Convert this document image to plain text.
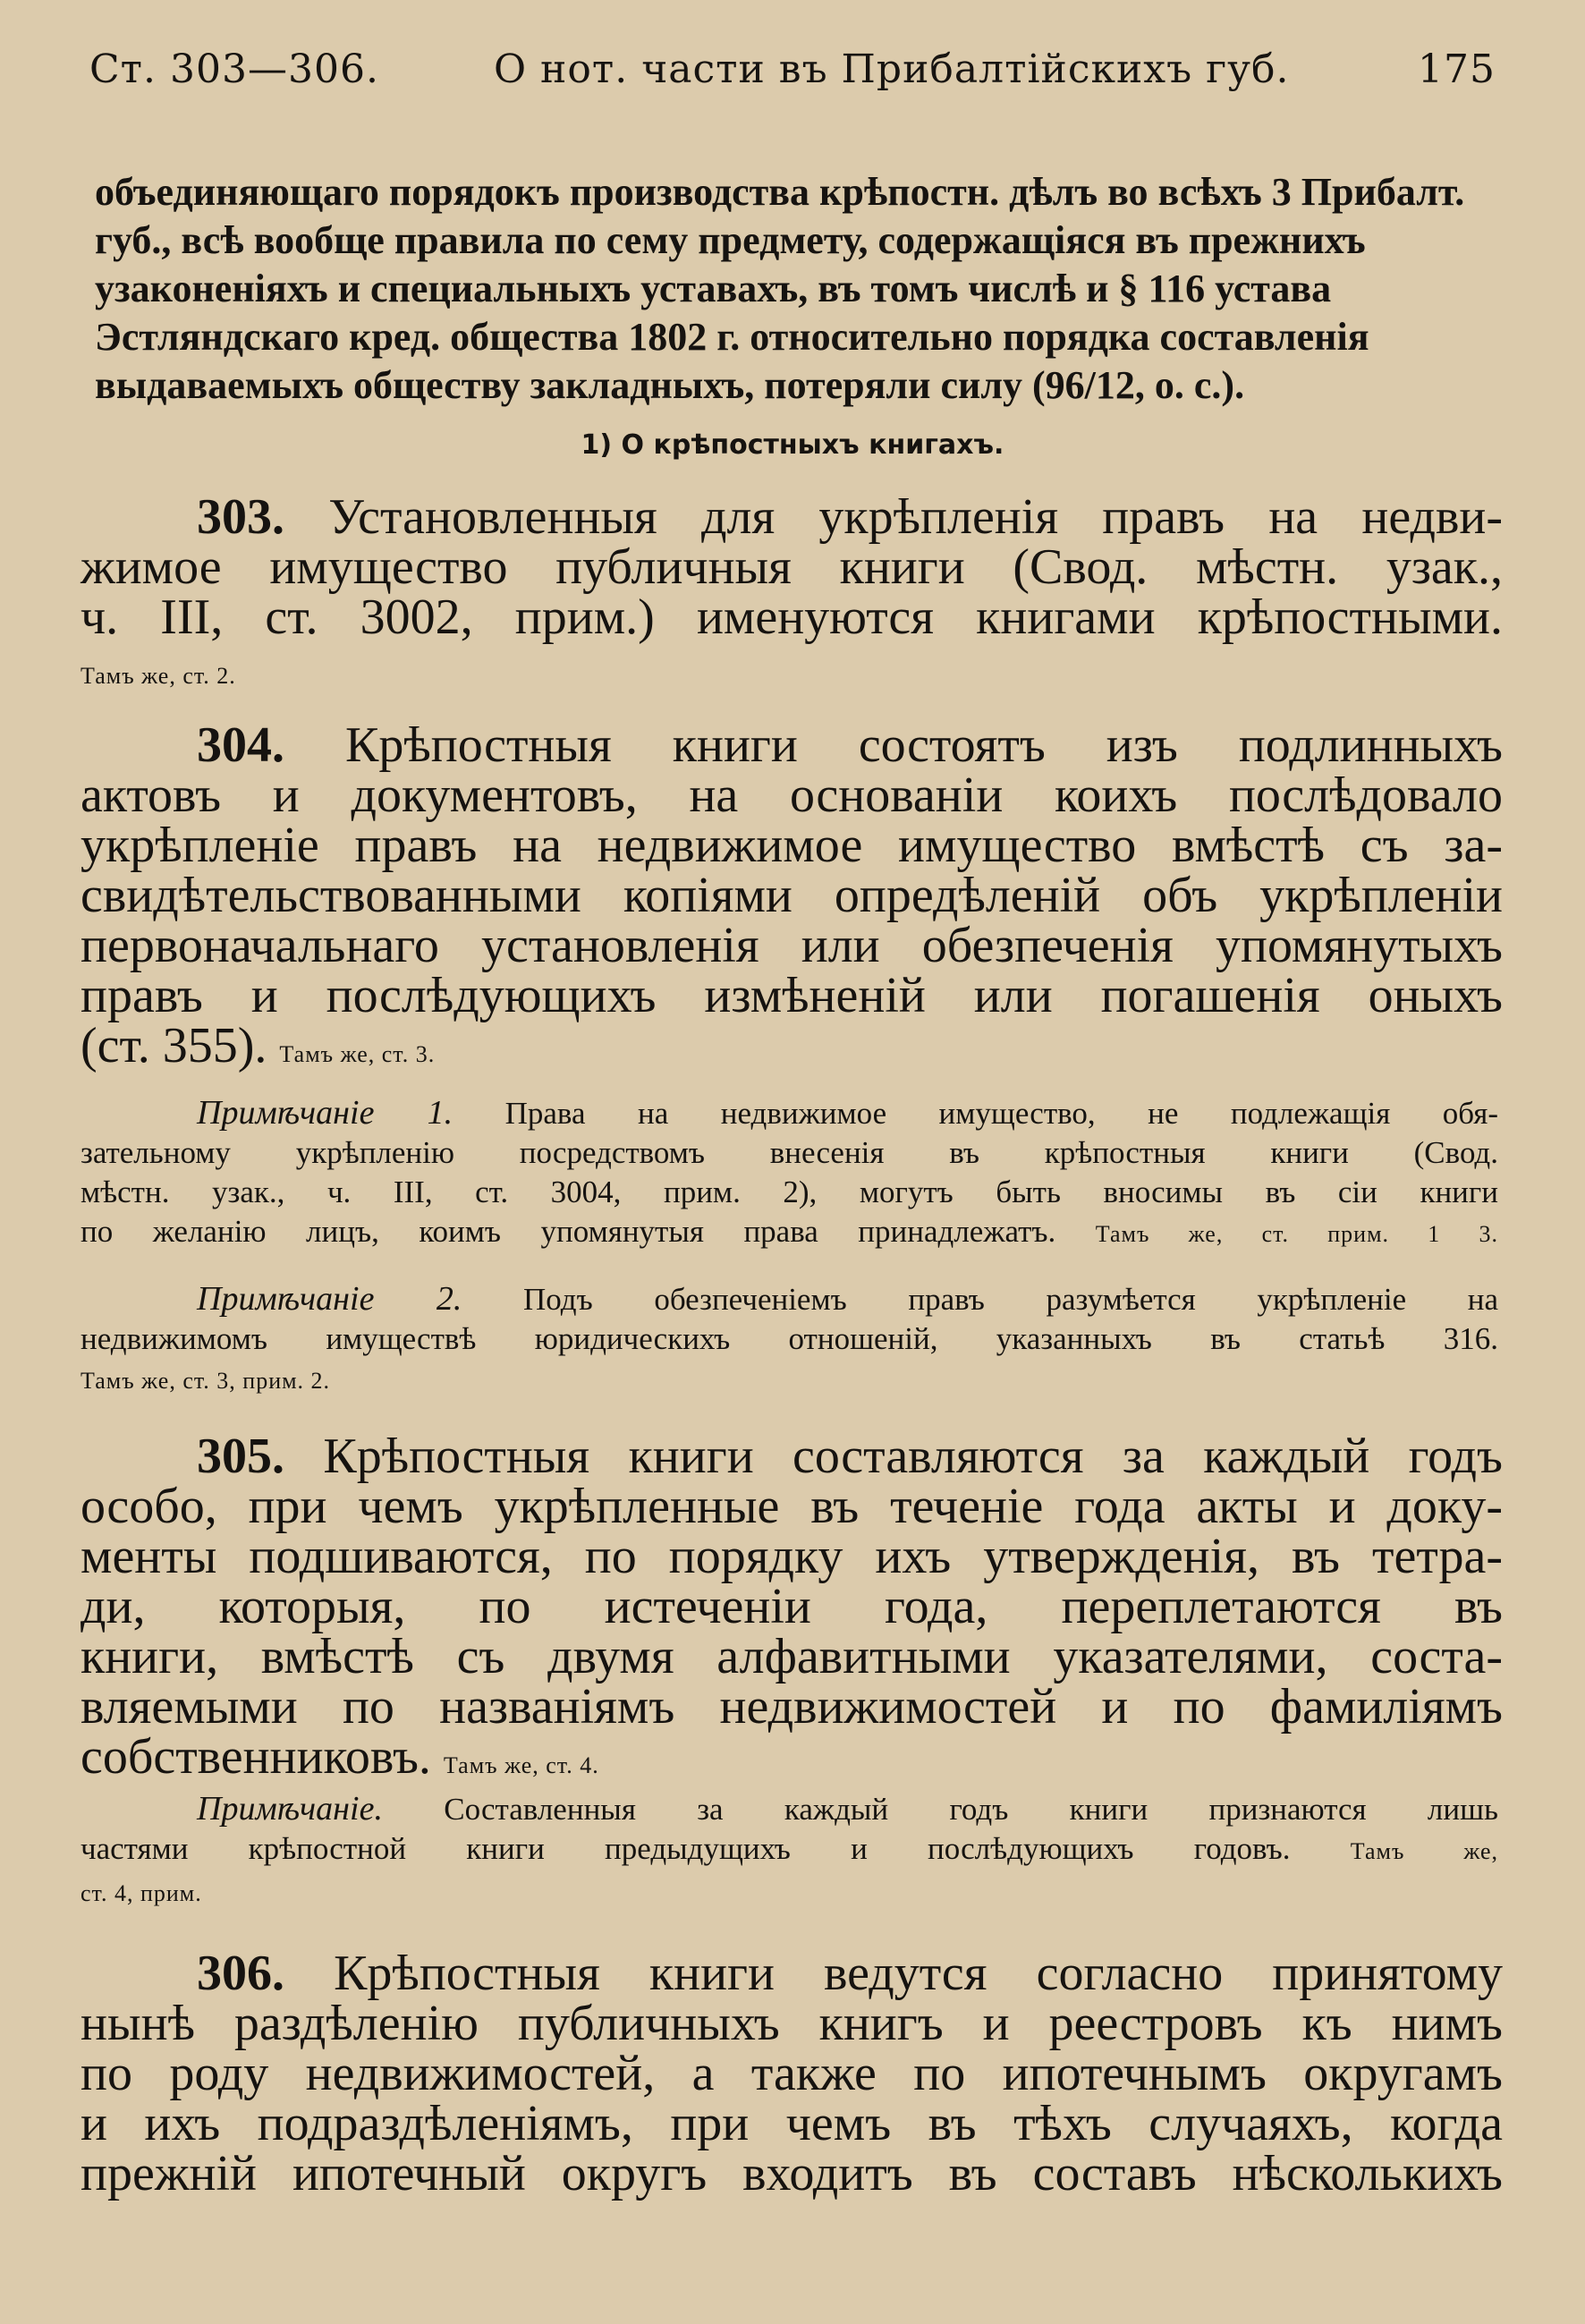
Ст. 303—306.	О нот. части въ Прибалтійскихъ губ.	175
объединяющаго порядокъ производства крѣпостн. дѣлъ во всѣхъ 3 Прибалт.
губ., всѣ вообще правила по сему предмету, содержащіяся въ прежнихъ
узаконеніяхъ и специальныхъ уставахъ, въ томъ числѣ и § 116 устава
Эстляндскаго кред. общества 1802 г. относительно порядка составленія
выдаваемыхъ обществу закладныхъ, потеряли силу (96/12, о. с.).
1) О крѣпостныхъ книгахъ.
303. Установленныя для укрѣпленія правъ на недви-
жимое имущество публичныя книги (Свод. мѣстн. узак.,
ч. III, ст. 3002, прим.) именуются книгами крѣпостными.
Тамъ же, ст. 2.
304. Крѣпостныя книги состоятъ изъ подлинныхъ
актовъ и документовъ, на основаніи коихъ послѣдовало
укрѣпленіе правъ на недвижимое имущество вмѣстѣ съ за-
свидѣтельствованными копіями опредѣленій объ укрѣпленіи
первоначальнаго установленія или обезпеченія упомянутыхъ
правъ и послѣдующихъ измѣненій или погашенія оныхъ
(ст. 355). Тамъ же, ст. 3.
Примѣчаніе 1. Права на недвижимое имущество, не подлежащія обя-
зательному укрѣпленію посредствомъ внесенія въ крѣпостныя книги (Свод.
мѣстн. узак., ч. III, ст. 3004, прим. 2), могутъ быть вносимы въ сіи книги
по желанію лицъ, коимъ упомянутыя права принадлежатъ. Тамъ же, ст. прим. 1 3.
Примѣчаніе 2. Подъ обезпеченіемъ правъ разумѣется укрѣпленіе на
недвижимомъ имуществѣ юридическихъ отношеній, указанныхъ въ статьѣ 316.
Тамъ же, ст. 3, прим. 2.
305. Крѣпостныя книги составляются за каждый годъ
особо, при чемъ укрѣпленные въ теченіе года акты и доку-
менты подшиваются, по порядку ихъ утвержденія, въ тетра-
ди, которыя, по истеченіи года, переплетаются въ
книги, вмѣстѣ съ двумя алфавитными указателями, соста-
вляемыми по названіямъ недвижимостей и по фамиліямъ
собственниковъ. Тамъ же, ст. 4.
Примѣчаніе. Составленныя за каждый годъ книги признаются лишь
частями крѣпостной книги предыдущихъ и послѣдующихъ годовъ.	Тамъ же,
ст. 4, прим.
306. Крѣпостныя книги ведутся согласно принятому
нынѣ раздѣленію публичныхъ книгъ и реестровъ къ нимъ
по роду недвижимостей, а также по ипотечнымъ округамъ
и ихъ подраздѣленіямъ, при чемъ въ тѣхъ случаяхъ, когда
прежній ипотечный округъ входитъ въ составъ нѣсколькихъ
